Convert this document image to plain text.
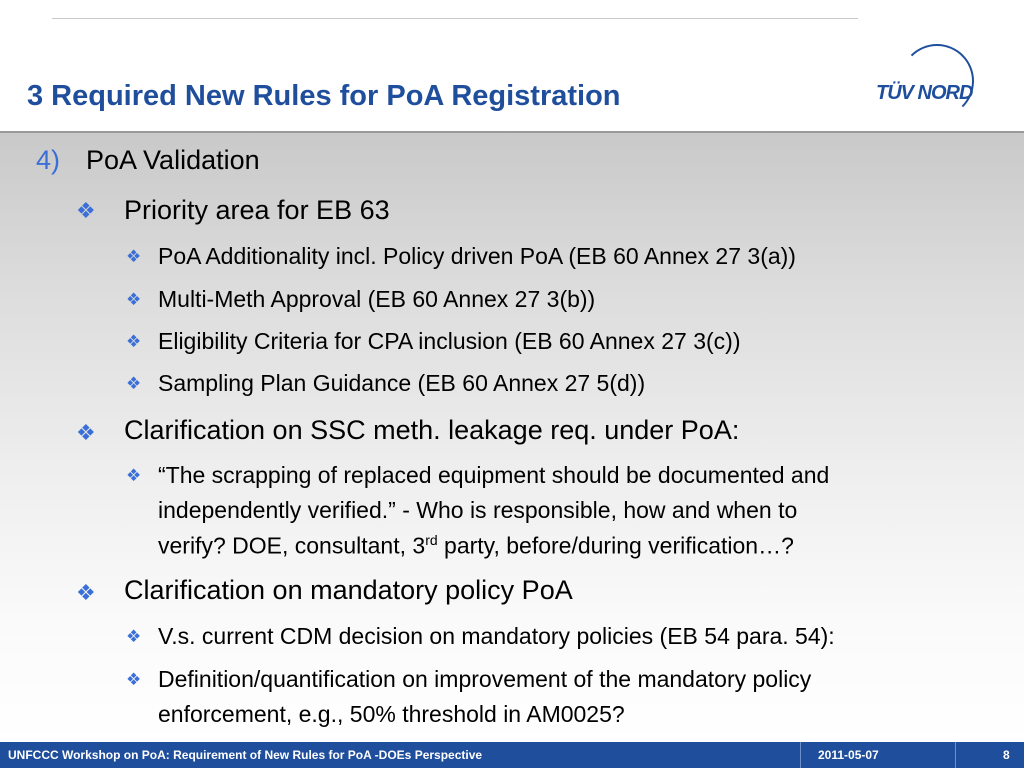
3 Required New Rules for PoA Registration	TÜV NORD
4) PoA Validation
❖ Priority area for EB 63
❖ PoA Additionality incl. Policy driven PoA (EB 60 Annex 27 3(a))
❖ Multi-Meth Approval (EB 60 Annex 27 3(b))
❖ Eligibility Criteria for CPA inclusion (EB 60 Annex 27 3(c))
❖ Sampling Plan Guidance (EB 60 Annex 27 5(d))
❖ Clarification on SSC meth. leakage req. under PoA:
❖ “The scrapping of replaced equipment should be documented and
independently verified.” - Who is responsible, how and when to
verify? DOE, consultant, 3rd party, before/during verification…?
❖ Clarification on mandatory policy PoA
❖ V.s. current CDM decision on mandatory policies (EB 54 para. 54):
❖ Definition/quantification on improvement of the mandatory policy
enforcement, e.g., 50% threshold in AM0025?
UNFCCC Workshop on PoA: Requirement of New Rules for PoA -DOEs Perspective	2011-05-07	8
